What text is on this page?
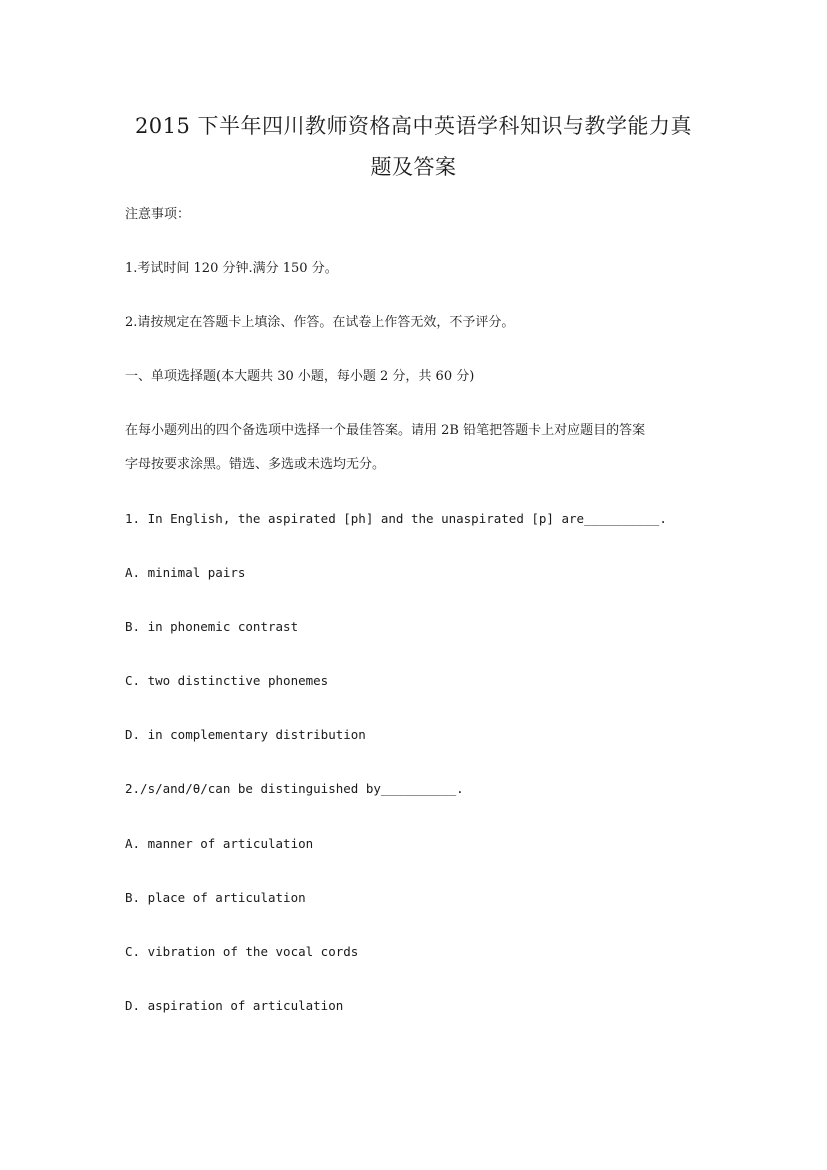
2015 下半年四川教师资格高中英语学科知识与教学能力真
题及答案
注意事项：
1.考试时间 120 分钟.满分 150 分。
2.请按规定在答题卡上填涂、作答。在试卷上作答无效，不予评分。
一、单项选择题(本大题共 30 小题，每小题 2 分，共 60 分)
在每小题列出的四个备选项中选择一个最佳答案。请用 2B 铅笔把答题卡上对应题目的答案
字母按要求涂黑。错选、多选或未选均无分。
1. In English, the aspirated [ph] and the unaspirated [p] are__________.
A. minimal pairs
B. in phonemic contrast
C. two distinctive phonemes
D. in complementary distribution
2./s/and/θ/can be distinguished by__________.
A. manner of articulation
B. place of articulation
C. vibration of the vocal cords
D. aspiration of articulation
